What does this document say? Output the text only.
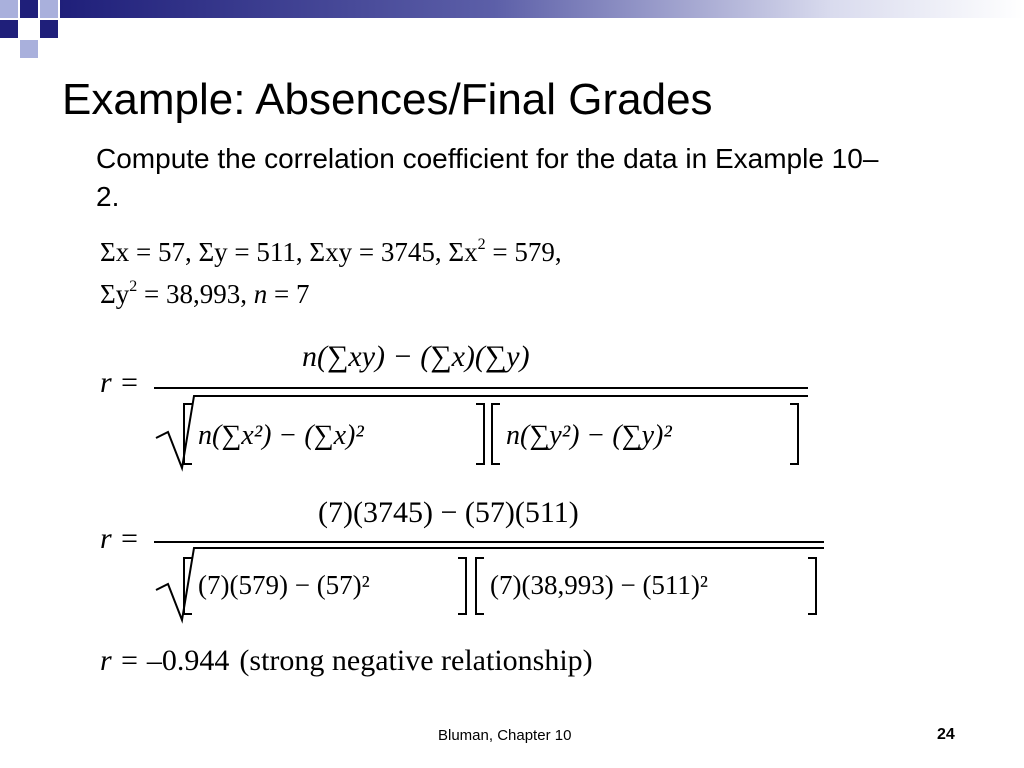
Example: Absences/Final Grades
Compute the correlation coefficient for the data in Example 10–2.
Σx = 57, Σy = 511, Σxy = 3745, $\Sigma x^2 = 579$,
$\Sigma y^2 = 38,993$, n = 7
r =
n(∑xy) − (∑x)(∑y)
n(∑x²) − (∑x)²	n(∑y²) − (∑y)²
r =
(7)(3745) − (57)(511)
(7)(579) − (57)²	(7)(38,993) − (511)²
r = –0.944 (strong negative relationship)
Bluman, Chapter 10	24
